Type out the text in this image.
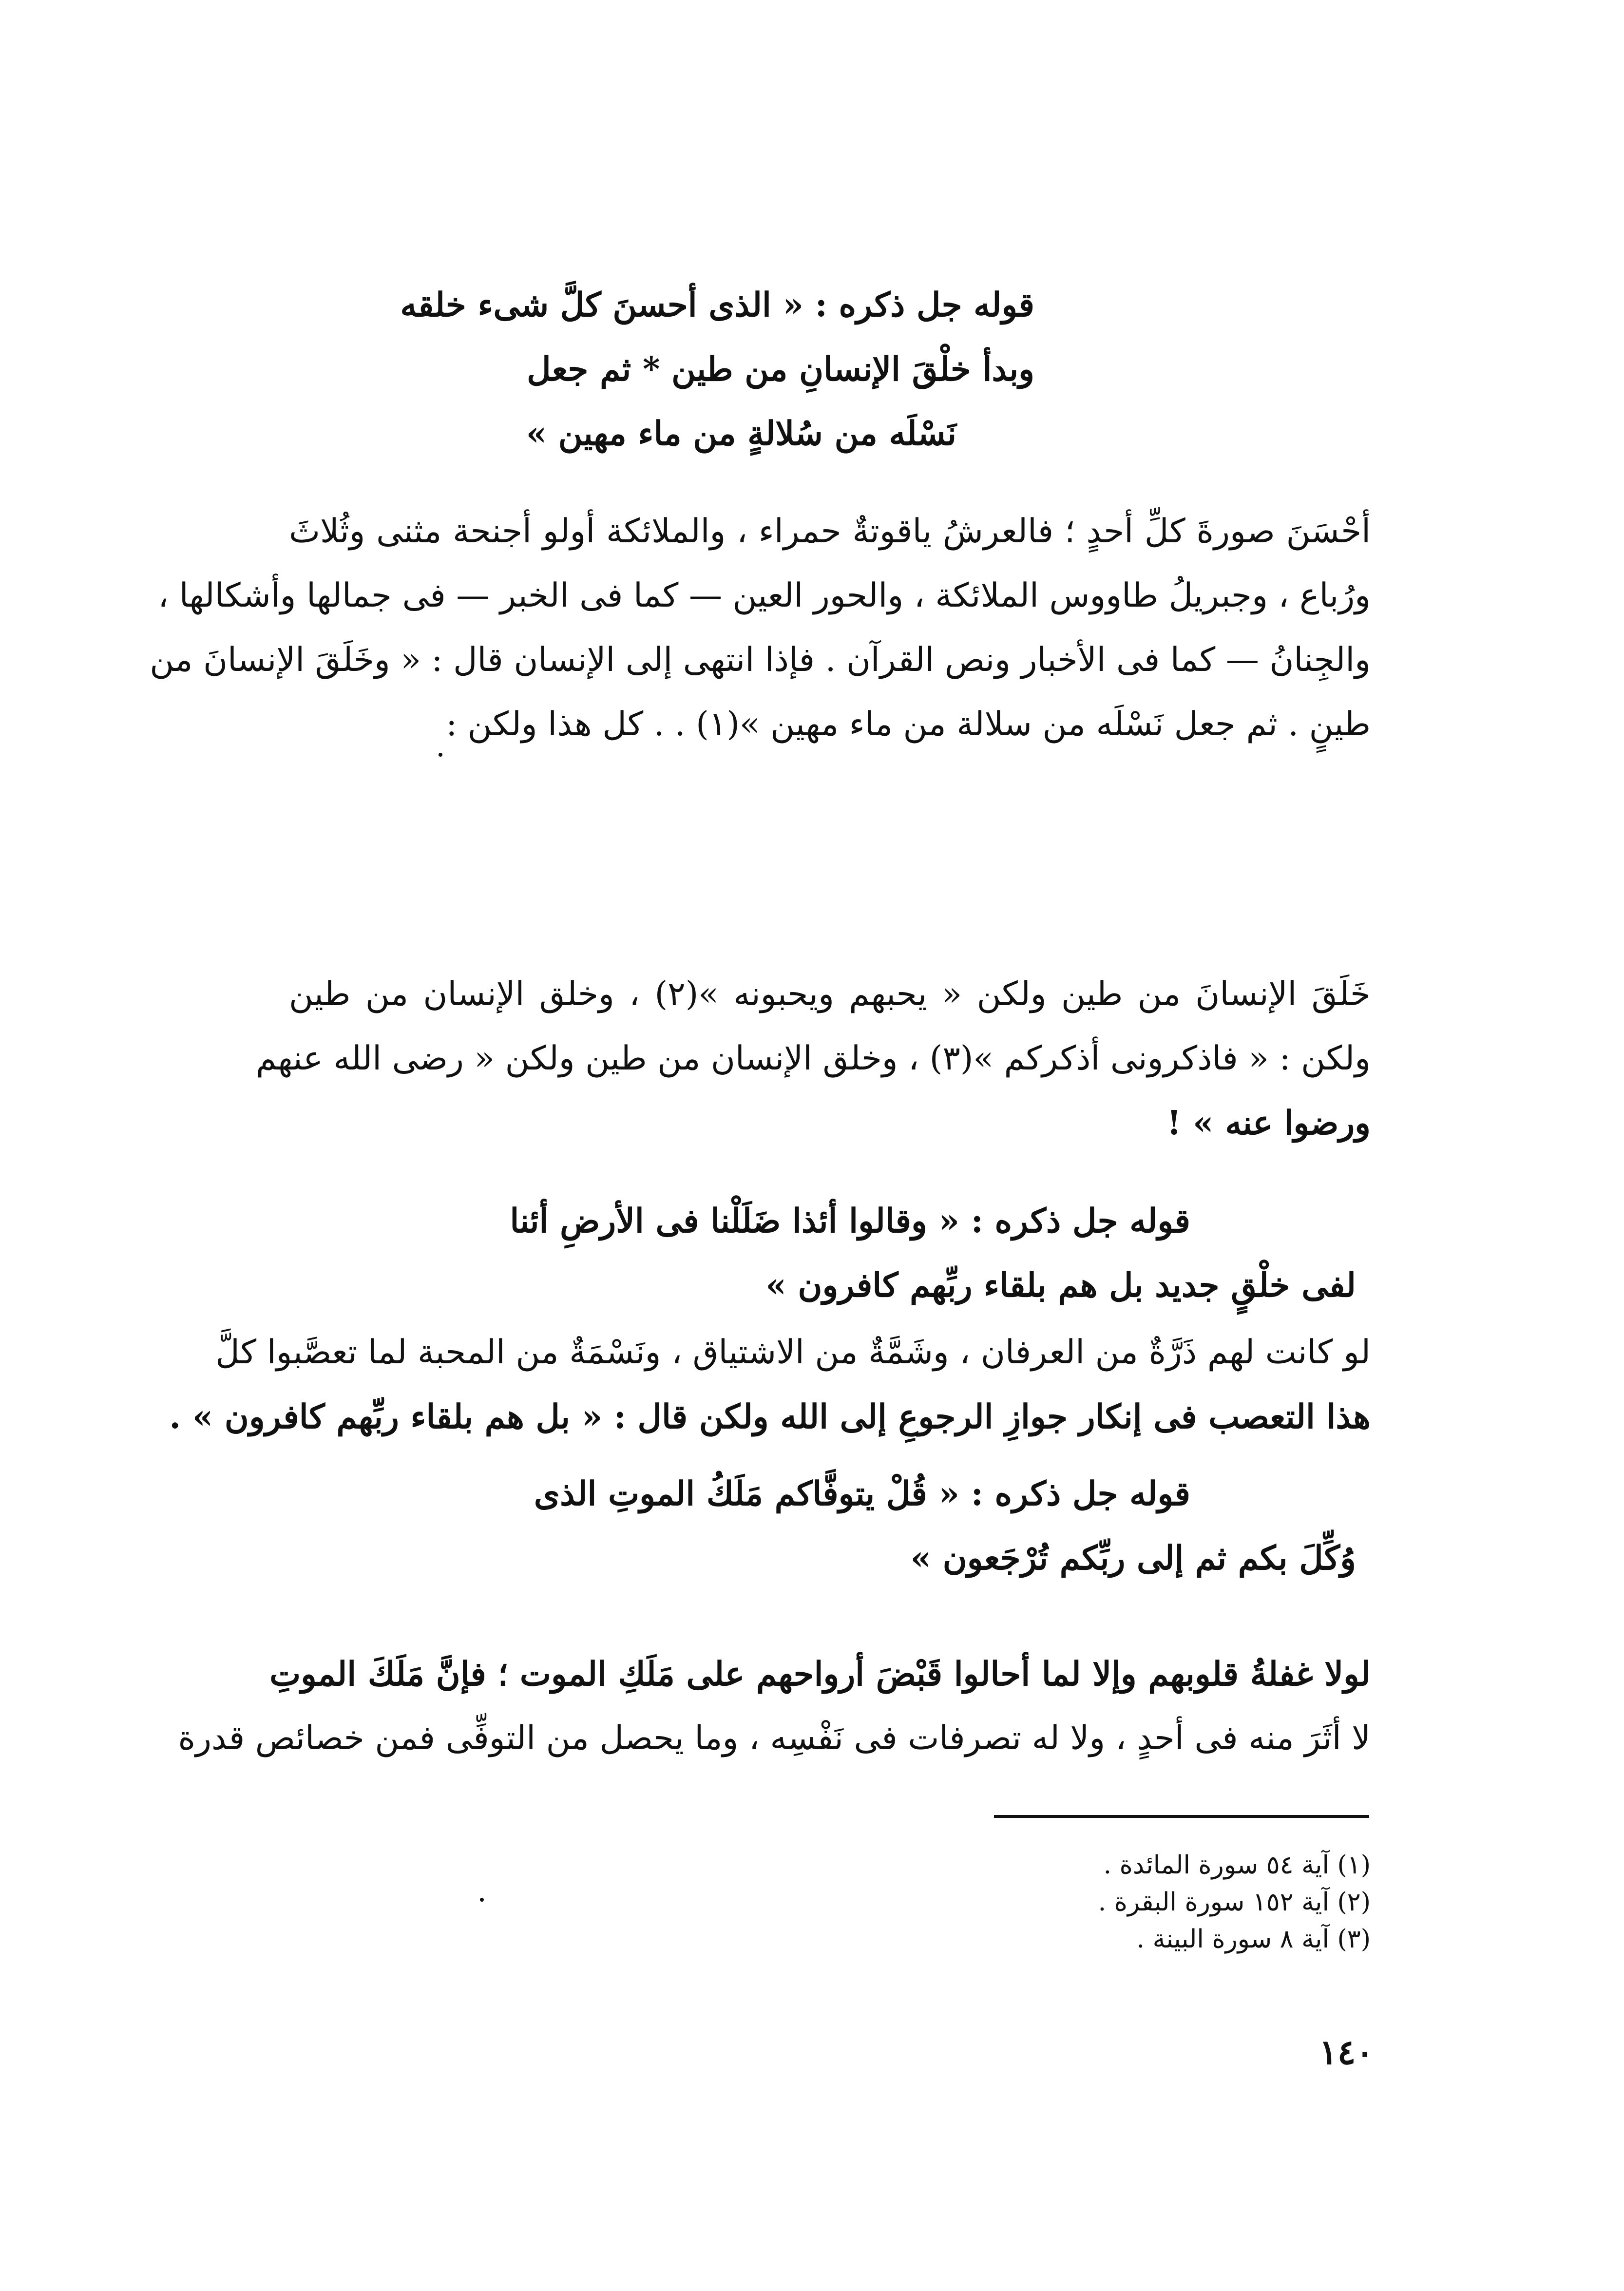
قوله جل ذكره : « الذى أحسنَ كلَّ شىء خلقه
وبدأ خلْقَ الإنسانِ من طين * ثم جعل
نَسْلَه من سُلالةٍ من ماء مهين »
أحْسَنَ صورةَ كلِّ أحدٍ ؛ فالعرشُ ياقوتةٌ حمراء ، والملائكة أولو أجنحة مثنى وثُلاثَ
ورُباع ، وجبريلُ طاووس الملائكة ، والحور العين — كما فى الخبر — فى جمالها وأشكالها ،
والجِنانُ — كما فى الأخبار ونص القرآن . فإذا انتهى إلى الإنسان قال : « وخَلَقَ الإنسانَ من
طينٍ . ثم جعل نَسْلَه من سلالة من ماء مهين »(١) . . كل هذا ولكن :
خَلَقَ الإنسانَ من طين ولكن « يحبهم ويحبونه »(٢) ، وخلق الإنسان من طين
ولكن : « فاذكرونى أذكركم »(٣) ، وخلق الإنسان من طين ولكن « رضى الله عنهم
ورضوا عنه » !
قوله جل ذكره : « وقالوا أئذا ضَلَلْنا فى الأرضِ أئنا
لفى خلْقٍ جديد بل هم بلقاء ربِّهم كافرون »
لو كانت لهم ذَرَّةٌ من العرفان ، وشَمَّةٌ من الاشتياق ، ونَسْمَةٌ من المحبة لما تعصَّبوا كلَّ
هذا التعصب فى إنكار جوازِ الرجوعِ إلى الله ولكن قال : « بل هم بلقاء ربِّهم كافرون » .
قوله جل ذكره : « قُلْ يتوفَّاكم مَلَكُ الموتِ الذى
وُكِّلَ بكم ثم إلى ربِّكم تُرْجَعون »
لولا غفلةُ قلوبهم وإلا لما أحالوا قَبْضَ أرواحهم على مَلَكِ الموت ؛ فإنَّ مَلَكَ الموتِ
لا أثَرَ منه فى أحدٍ ، ولا له تصرفات فى نَفْسِه ، وما يحصل من التوفِّى فمن خصائص قدرة
(١) آية ٥٤ سورة المائدة .
(٢) آية ١٥٢ سورة البقرة .
(٣) آية ٨ سورة البينة .
١٤٠
